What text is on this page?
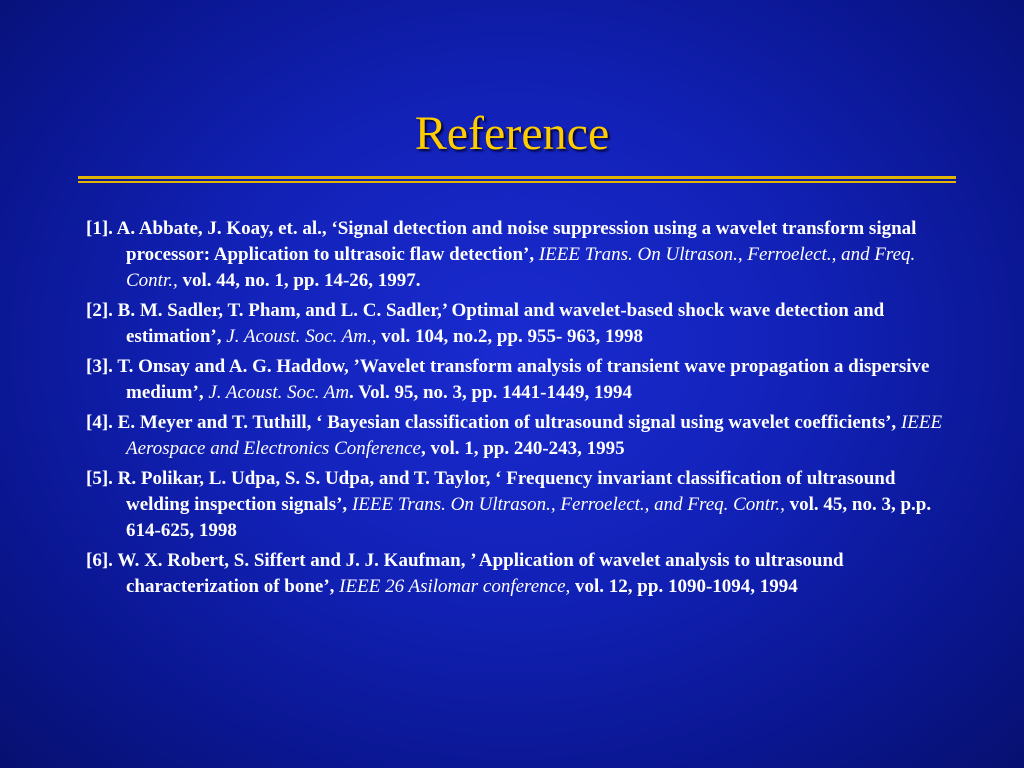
Reference
[1]. A. Abbate, J. Koay, et. al., ‘Signal detection and noise suppression using a wavelet transform signal processor: Application to ultrasoic flaw detection’, IEEE Trans. On Ultrason., Ferroelect., and Freq. Contr., vol. 44, no. 1, pp. 14-26, 1997.
[2]. B. M. Sadler, T. Pham, and L. C. Sadler,’ Optimal and wavelet-based shock wave detection and estimation’, J. Acoust. Soc. Am., vol. 104, no.2, pp. 955- 963, 1998
[3]. T. Onsay and A. G. Haddow, ’Wavelet transform analysis of transient wave propagation a dispersive medium’, J. Acoust. Soc. Am. Vol. 95, no. 3, pp. 1441-1449, 1994
[4]. E. Meyer and T. Tuthill, ‘ Bayesian classification of ultrasound signal using wavelet coefficients’, IEEE Aerospace and Electronics Conference, vol. 1, pp. 240-243, 1995
[5]. R. Polikar, L. Udpa, S. S. Udpa, and T. Taylor, ‘ Frequency invariant classification of ultrasound welding inspection signals’, IEEE Trans. On Ultrason., Ferroelect., and Freq. Contr., vol. 45, no. 3, p.p. 614-625, 1998
[6]. W. X. Robert, S. Siffert and J. J. Kaufman, ’ Application of wavelet analysis to ultrasound characterization of bone’, IEEE 26 Asilomar conference, vol. 12, pp. 1090-1094, 1994
